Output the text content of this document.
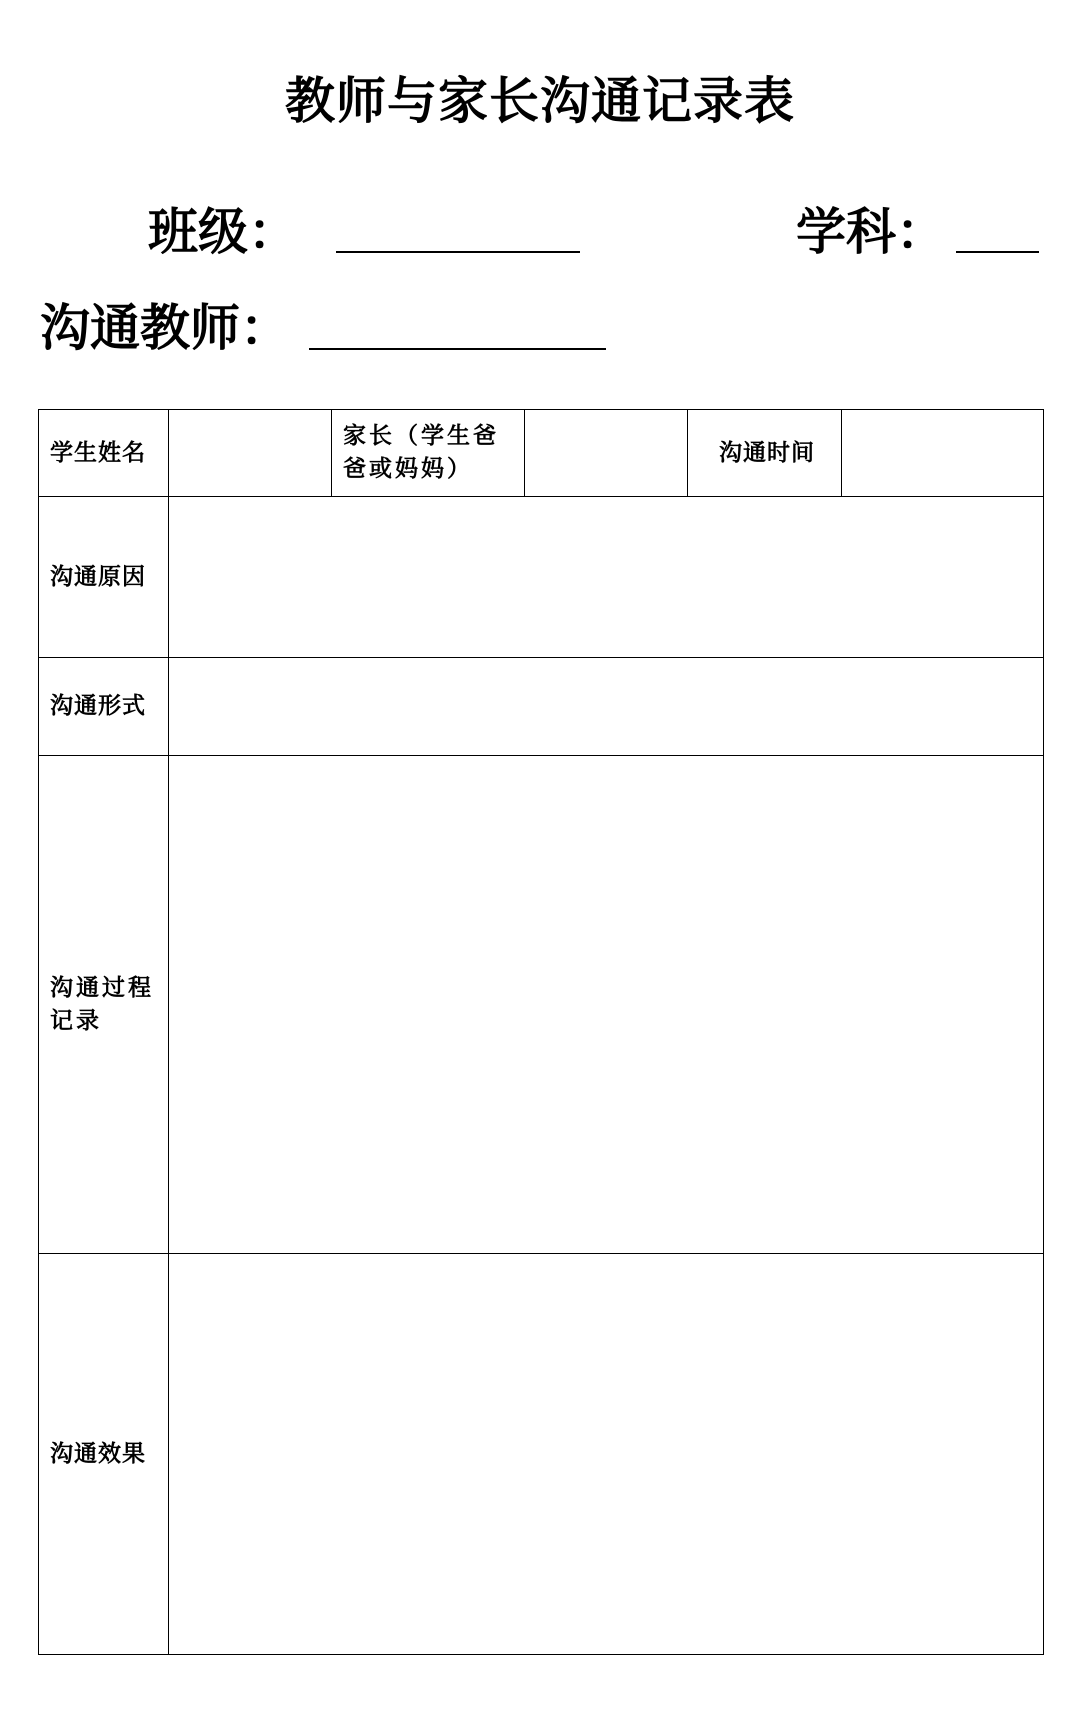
教师与家长沟通记录表
班级：	学科：
沟通教师：
学生姓名		家长（学生爸爸或妈妈）		沟通时间	
沟通原因					
沟通形式					
沟通过程记录					
沟通效果					
